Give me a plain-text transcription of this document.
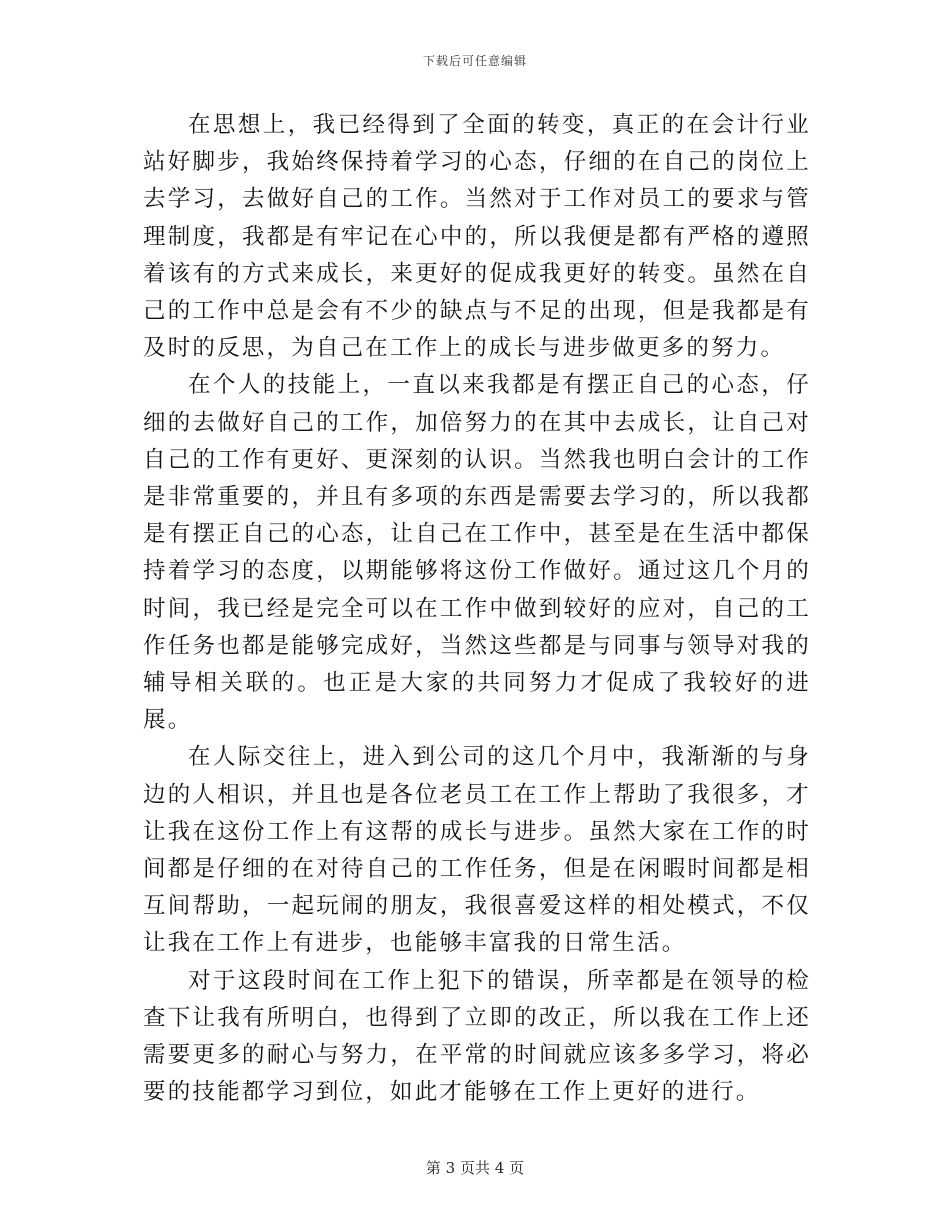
下载后可任意编辑

在思想上，我已经得到了全面的转变，真正的在会计行业站好脚步，我始终保持着学习的心态，仔细的在自己的岗位上去学习，去做好自己的工作。当然对于工作对员工的要求与管理制度，我都是有牢记在心中的，所以我便是都有严格的遵照着该有的方式来成长，来更好的促成我更好的转变。虽然在自己的工作中总是会有不少的缺点与不足的出现，但是我都是有及时的反思，为自己在工作上的成长与进步做更多的努力。

在个人的技能上，一直以来我都是有摆正自己的心态，仔细的去做好自己的工作，加倍努力的在其中去成长，让自己对自己的工作有更好、更深刻的认识。当然我也明白会计的工作是非常重要的，并且有多项的东西是需要去学习的，所以我都是有摆正自己的心态，让自己在工作中，甚至是在生活中都保持着学习的态度，以期能够将这份工作做好。通过这几个月的时间，我已经是完全可以在工作中做到较好的应对，自己的工作任务也都是能够完成好，当然这些都是与同事与领导对我的辅导相关联的。也正是大家的共同努力才促成了我较好的进展。

在人际交往上，进入到公司的这几个月中，我渐渐的与身边的人相识，并且也是各位老员工在工作上帮助了我很多，才让我在这份工作上有这帮的成长与进步。虽然大家在工作的时间都是仔细的在对待自己的工作任务，但是在闲暇时间都是相互间帮助，一起玩闹的朋友，我很喜爱这样的相处模式，不仅让我在工作上有进步，也能够丰富我的日常生活。

对于这段时间在工作上犯下的错误，所幸都是在领导的检查下让我有所明白，也得到了立即的改正，所以我在工作上还需要更多的耐心与努力，在平常的时间就应该多多学习，将必要的技能都学习到位，如此才能够在工作上更好的进行。

第 3 页共 4 页
